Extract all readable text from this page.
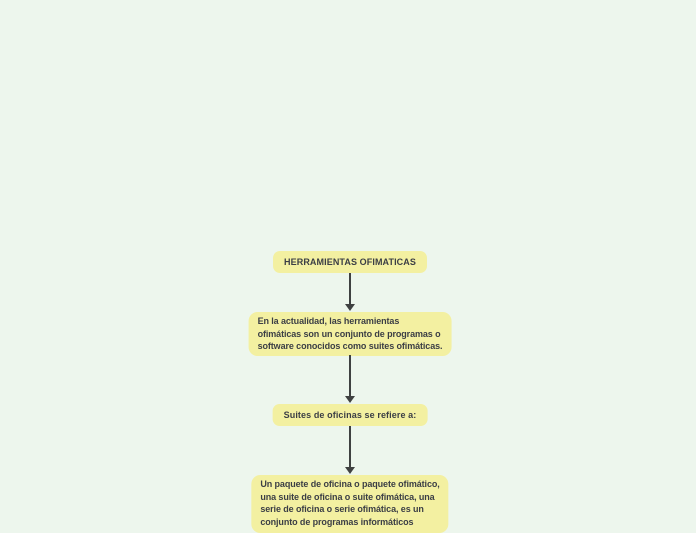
HERRAMIENTAS OFIMATICAS
En la actualidad, las herramientas
ofimáticas son un conjunto de programas o
software conocidos como suites ofimáticas.
Suites de oficinas se refiere a:
Un paquete de oficina o paquete ofimático,
una suite de oficina o suite ofimática, una
serie de oficina o serie ofimática, es un
conjunto de programas informáticos
